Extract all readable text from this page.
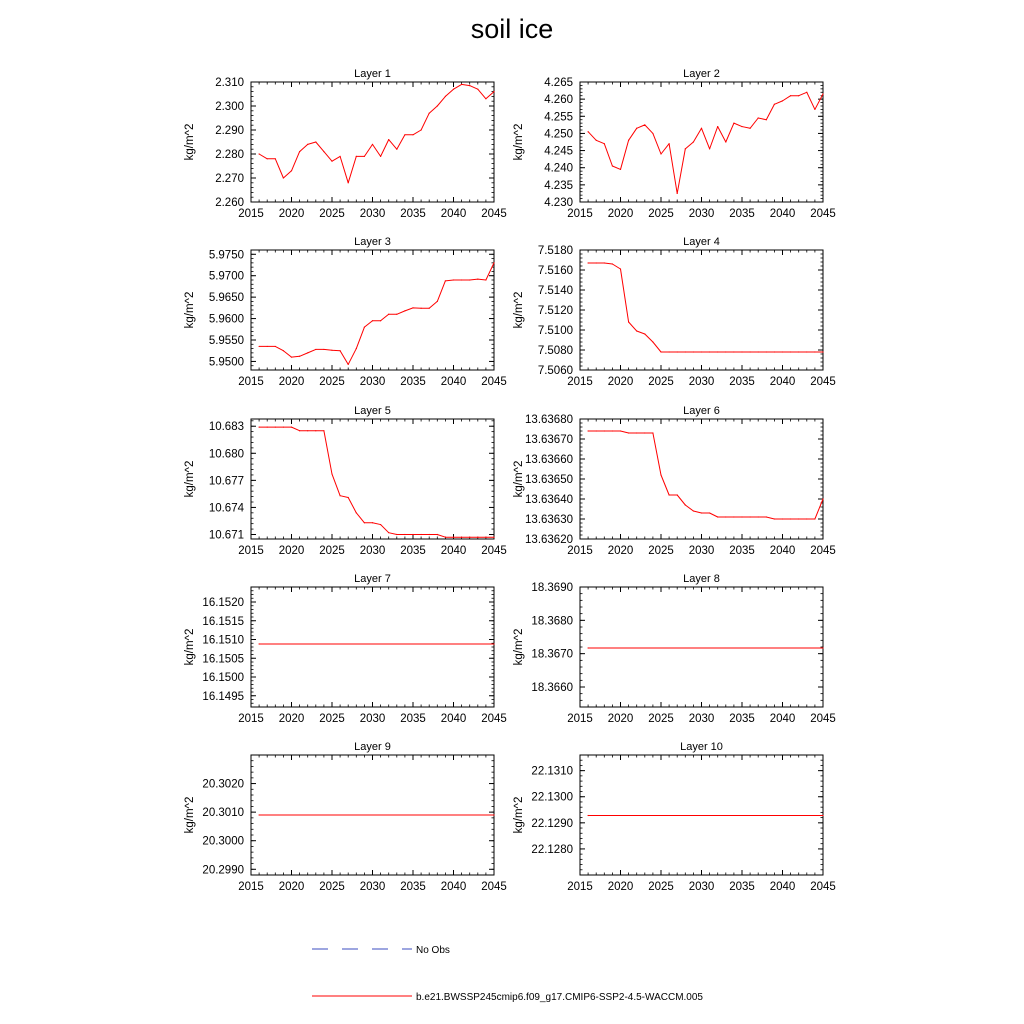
soil ice
Layer 1
2015 2020 2025 2030 2035 2040 2045
2.260
2.270
2.280
2.290
2.300
2.310
kg/m^2
Layer 2
2015 2020 2025 2030 2035 2040 2045
4.230
4.235
4.240
4.245
4.250
4.255
4.260
4.265
kg/m^2
Layer 3
2015 2020 2025 2030 2035 2040 2045
5.9500
5.9550
5.9600
5.9650
5.9700
5.9750
kg/m^2
Layer 4
2015 2020 2025 2030 2035 2040 2045
7.5060
7.5080
7.5100
7.5120
7.5140
7.5160
7.5180
kg/m^2
Layer 5
2015 2020 2025 2030 2035 2040 2045
10.671
10.674
10.677
10.680
10.683
kg/m^2
Layer 6
2015 2020 2025 2030 2035 2040 2045
13.63620
13.63630
13.63640
13.63650
13.63660
13.63670
13.63680
kg/m^2
Layer 7
2015 2020 2025 2030 2035 2040 2045
16.1495
16.1500
16.1505
16.1510
16.1515
16.1520
kg/m^2
Layer 8
2015 2020 2025 2030 2035 2040 2045
18.3660
18.3670
18.3680
18.3690
kg/m^2
Layer 9
2015 2020 2025 2030 2035 2040 2045
20.2990
20.3000
20.3010
20.3020
kg/m^2
Layer 10
2015 2020 2025 2030 2035 2040 2045
22.1280
22.1290
22.1300
22.1310
kg/m^2
No Obs
b.e21.BWSSP245cmip6.f09_g17.CMIP6-SSP2-4.5-WACCM.005
